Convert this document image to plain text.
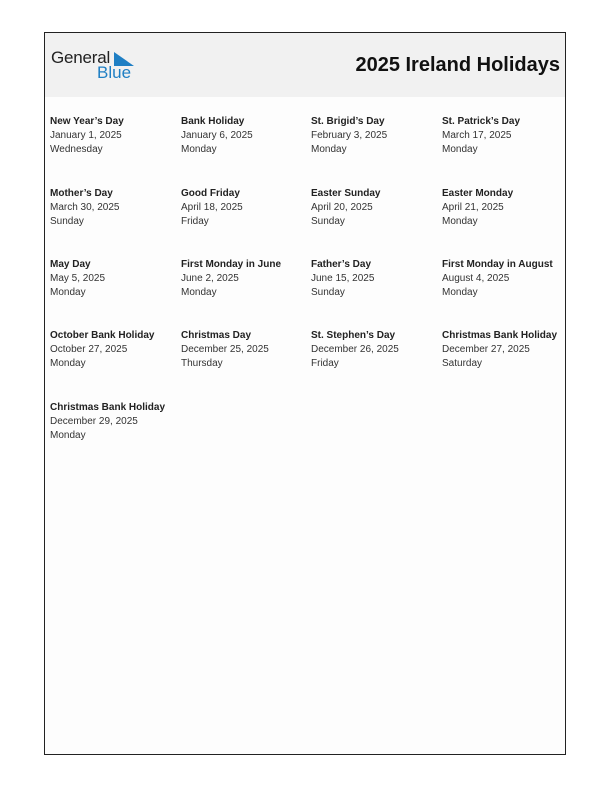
General
Blue	2025 Ireland Holidays
New Year’s Day
January 1, 2025
Wednesday
Bank Holiday
January 6, 2025
Monday
St. Brigid’s Day
February 3, 2025
Monday
St. Patrick’s Day
March 17, 2025
Monday
Mother’s Day
March 30, 2025
Sunday
Good Friday
April 18, 2025
Friday
Easter Sunday
April 20, 2025
Sunday
Easter Monday
April 21, 2025
Monday
May Day
May 5, 2025
Monday
First Monday in June
June 2, 2025
Monday
Father’s Day
June 15, 2025
Sunday
First Monday in August
August 4, 2025
Monday
October Bank Holiday
October 27, 2025
Monday
Christmas Day
December 25, 2025
Thursday
St. Stephen’s Day
December 26, 2025
Friday
Christmas Bank Holiday
December 27, 2025
Saturday
Christmas Bank Holiday
December 29, 2025
Monday
